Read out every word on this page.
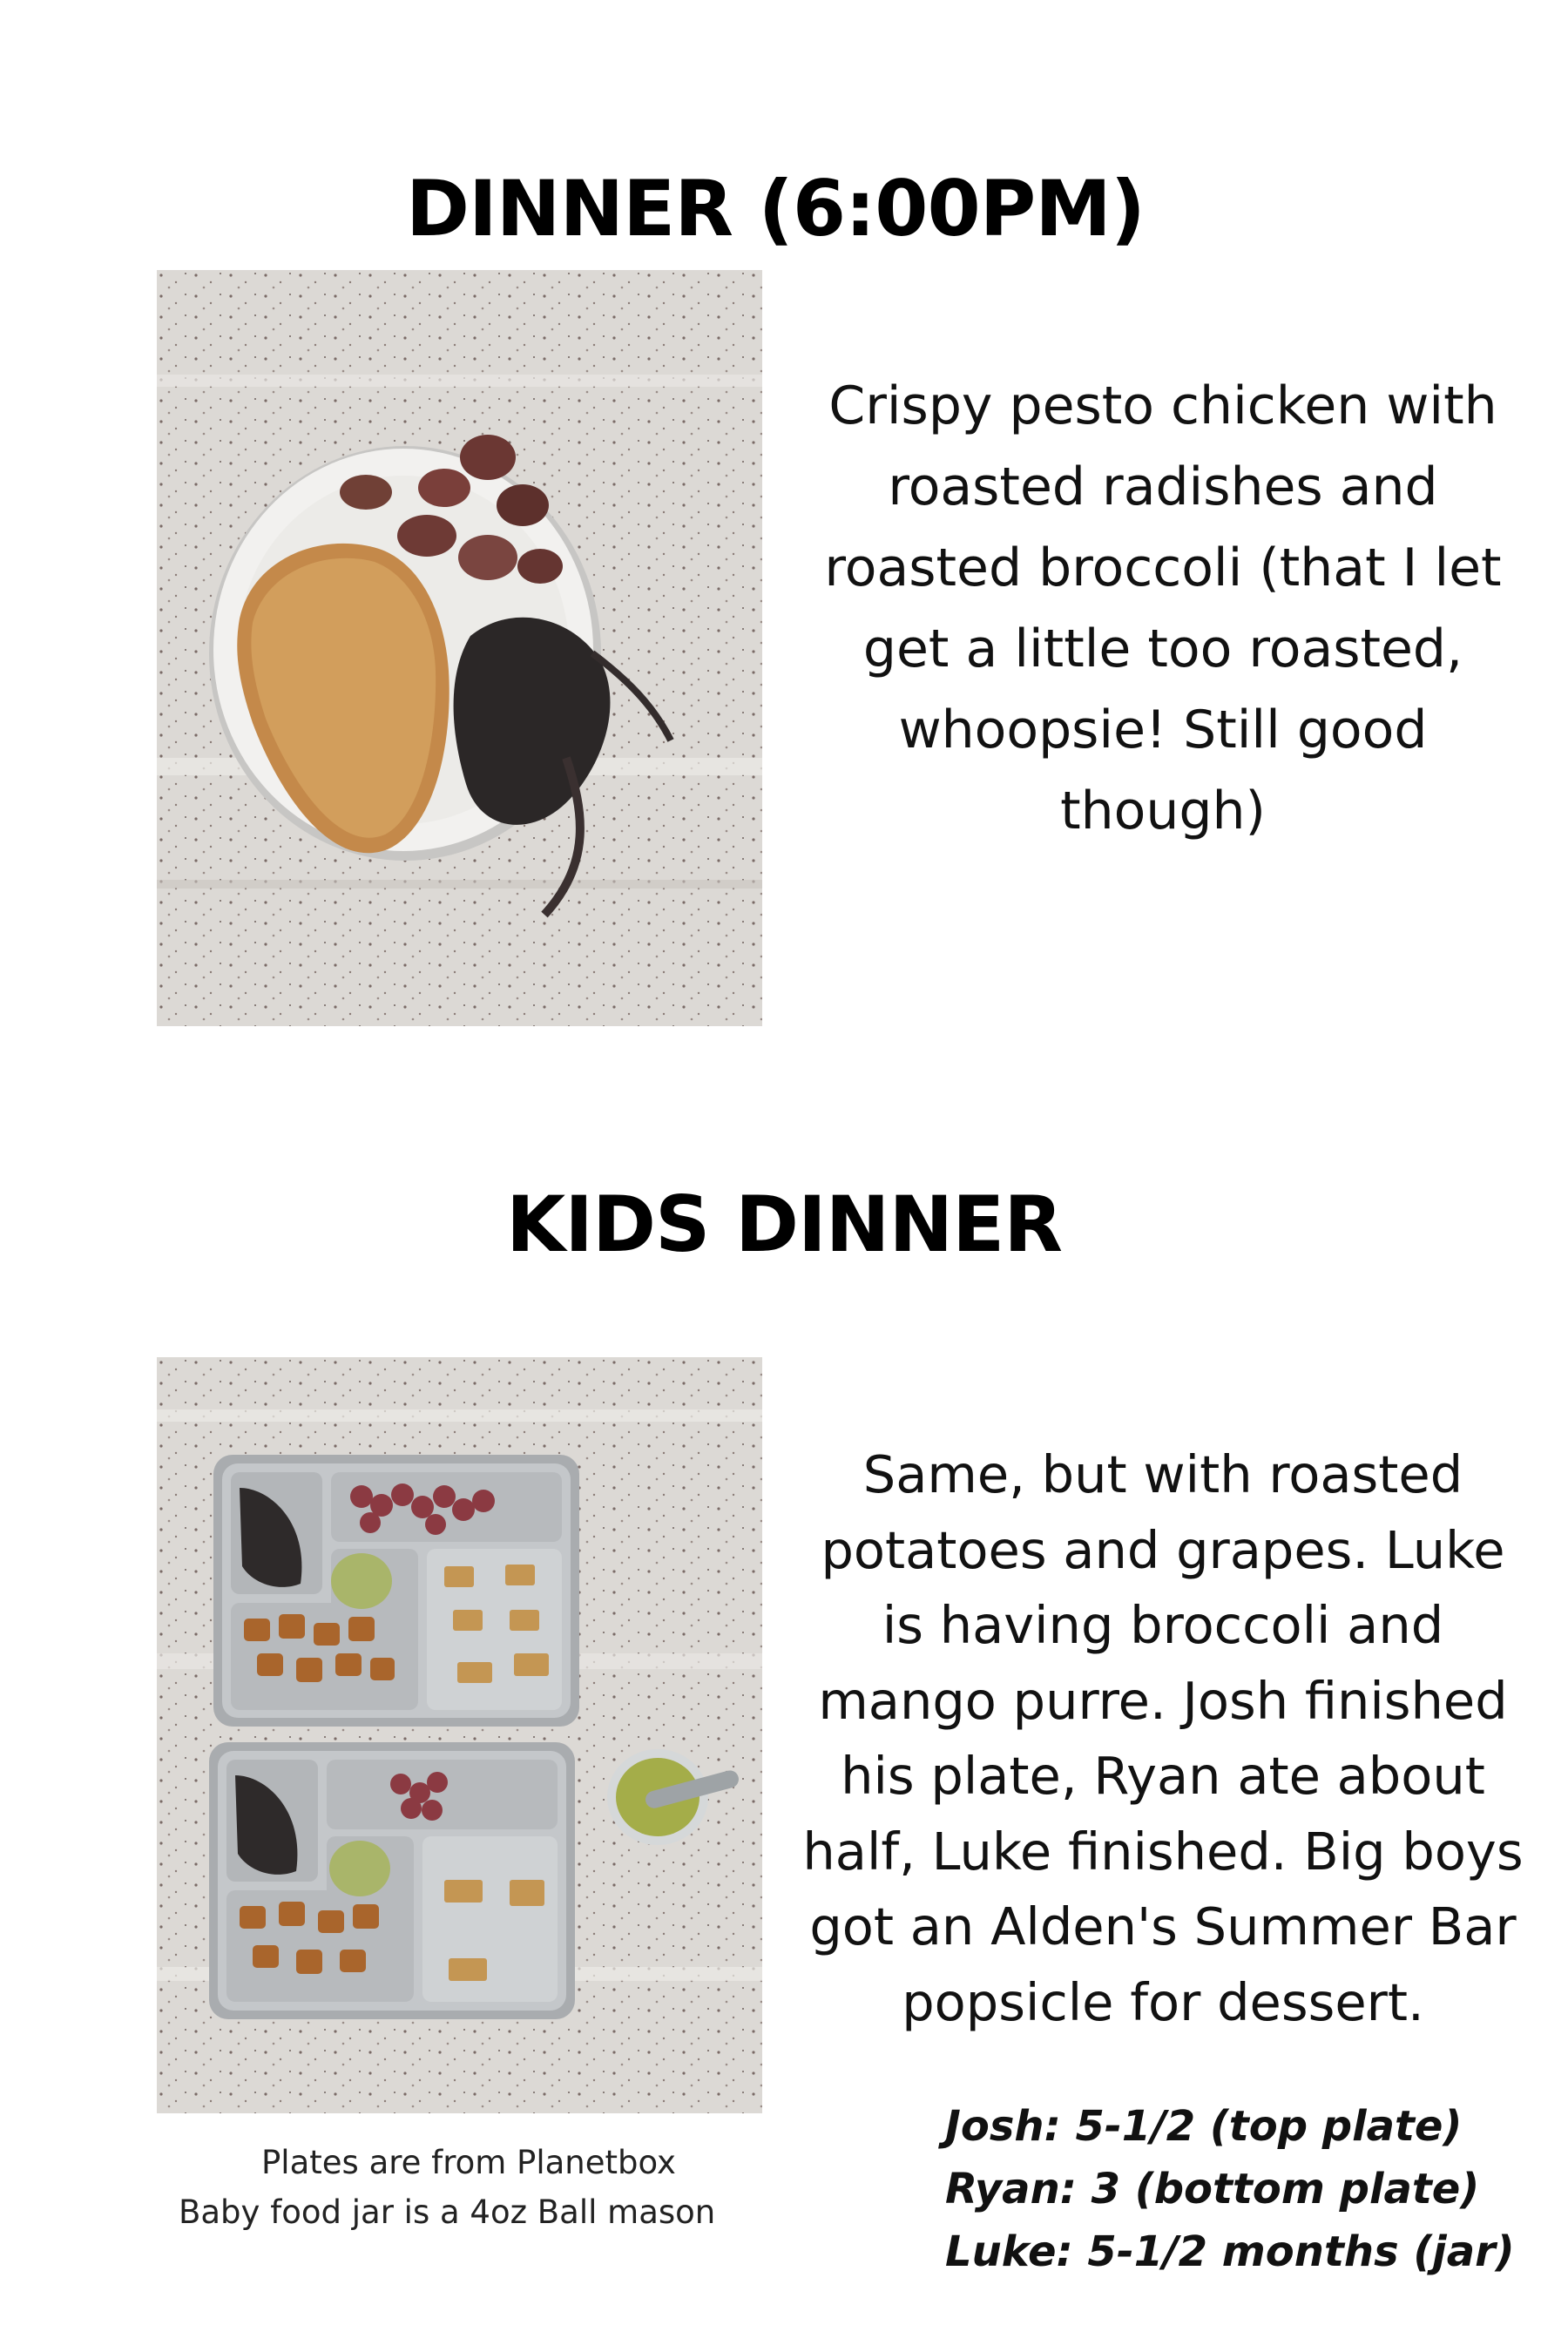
DINNER (6:00PM)

Crispy pesto chicken with roasted radishes and roasted broccoli (that I let get a little too roasted, whoopsie! Still good though)

KIDS DINNER

Same, but with roasted potatoes and grapes. Luke is having broccoli and mango purre. Josh finished his plate, Ryan ate about half, Luke finished. Big boys got an Alden's Summer Bar popsicle for dessert.

Plates are from Planetbox
Baby food jar is a 4oz Ball mason
Josh: 5-1/2 (top plate)
Ryan: 3 (bottom plate)
Luke: 5-1/2 months (jar)
